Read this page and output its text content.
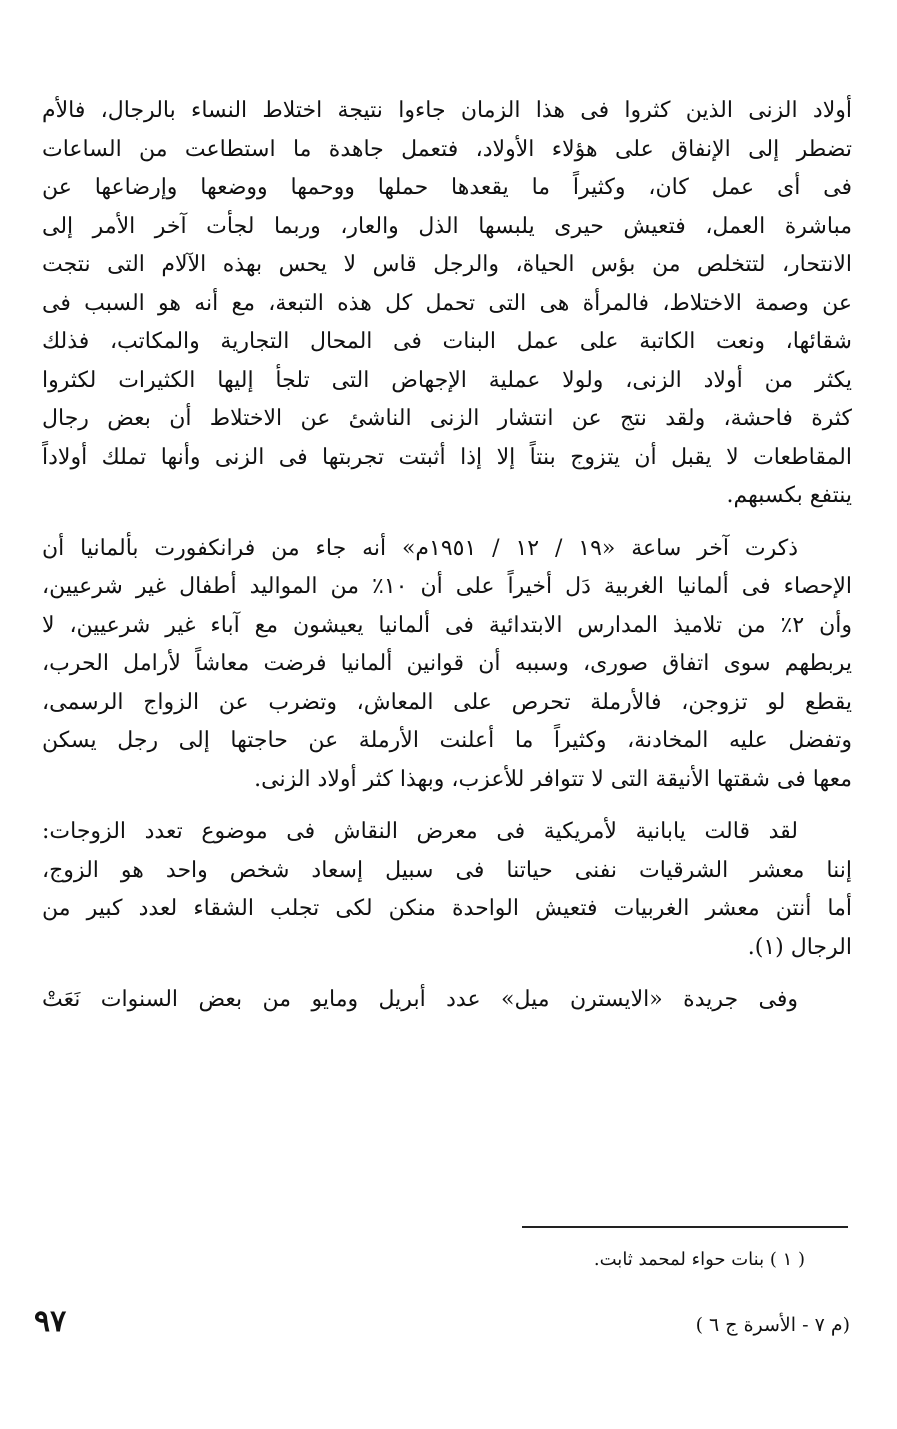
أولاد الزنى الذين كثروا فى هذا الزمان جاءوا نتيجة اختلاط النساء بالرجال، فالأم
تضطر إلى الإنفاق على هؤلاء الأولاد، فتعمل جاهدة ما استطاعت من الساعات
فى أى عمل كان، وكثيراً ما يقعدها حملها ووحمها ووضعها وإرضاعها عن
مباشرة العمل، فتعيش حيرى يلبسها الذل والعار، وربما لجأت آخر الأمر إلى
الانتحار، لتتخلص من بؤس الحياة، والرجل قاس لا يحس بهذه الآلام التى نتجت
عن وصمة الاختلاط، فالمرأة هى التى تحمل كل هذه التبعة، مع أنه هو السبب فى
شقائها، ونعت الكاتبة على عمل البنات فى المحال التجارية والمكاتب، فذلك
يكثر من أولاد الزنى، ولولا عملية الإجهاض التى تلجأ إليها الكثيرات لكثروا
كثرة فاحشة، ولقد نتج عن انتشار الزنى الناشئ عن الاختلاط أن بعض رجال
المقاطعات لا يقبل أن يتزوج بنتاً إلا إذا أثبتت تجربتها فى الزنى وأنها تملك أولاداً
ينتفع بكسبهم.
ذكرت آخر ساعة «١٩ / ١٢ / ١٩٥١م» أنه جاء من فرانكفورت بألمانيا أن
الإحصاء فى ألمانيا الغربية دَل أخيراً على أن ١٠٪ من المواليد أطفال غير شرعيين،
وأن ٢٪ من تلاميذ المدارس الابتدائية فى ألمانيا يعيشون مع آباء غير شرعيين، لا
يربطهم سوى اتفاق صورى، وسببه أن قوانين ألمانيا فرضت معاشاً لأرامل الحرب،
يقطع لو تزوجن، فالأرملة تحرص على المعاش، وتضرب عن الزواج الرسمى،
وتفضل عليه المخادنة، وكثيراً ما أعلنت الأرملة عن حاجتها إلى رجل يسكن
معها فى شقتها الأنيقة التى لا تتوافر للأعزب، وبهذا كثر أولاد الزنى.
لقد قالت يابانية لأمريكية فى معرض النقاش فى موضوع تعدد الزوجات:
إننا معشر الشرقيات نفنى حياتنا فى سبيل إسعاد شخص واحد هو الزوج،
أما أنتن معشر الغربيات فتعيش الواحدة منكن لكى تجلب الشقاء لعدد كبير من
الرجال (١).
وفى جريدة «الايسترن ميل» عدد أبريل ومايو من بعض السنوات نَعَتْ
( ١ ) بنات حواء لمحمد ثابت.
٩٧	(م ٧ - الأسرة ج ٦ )
